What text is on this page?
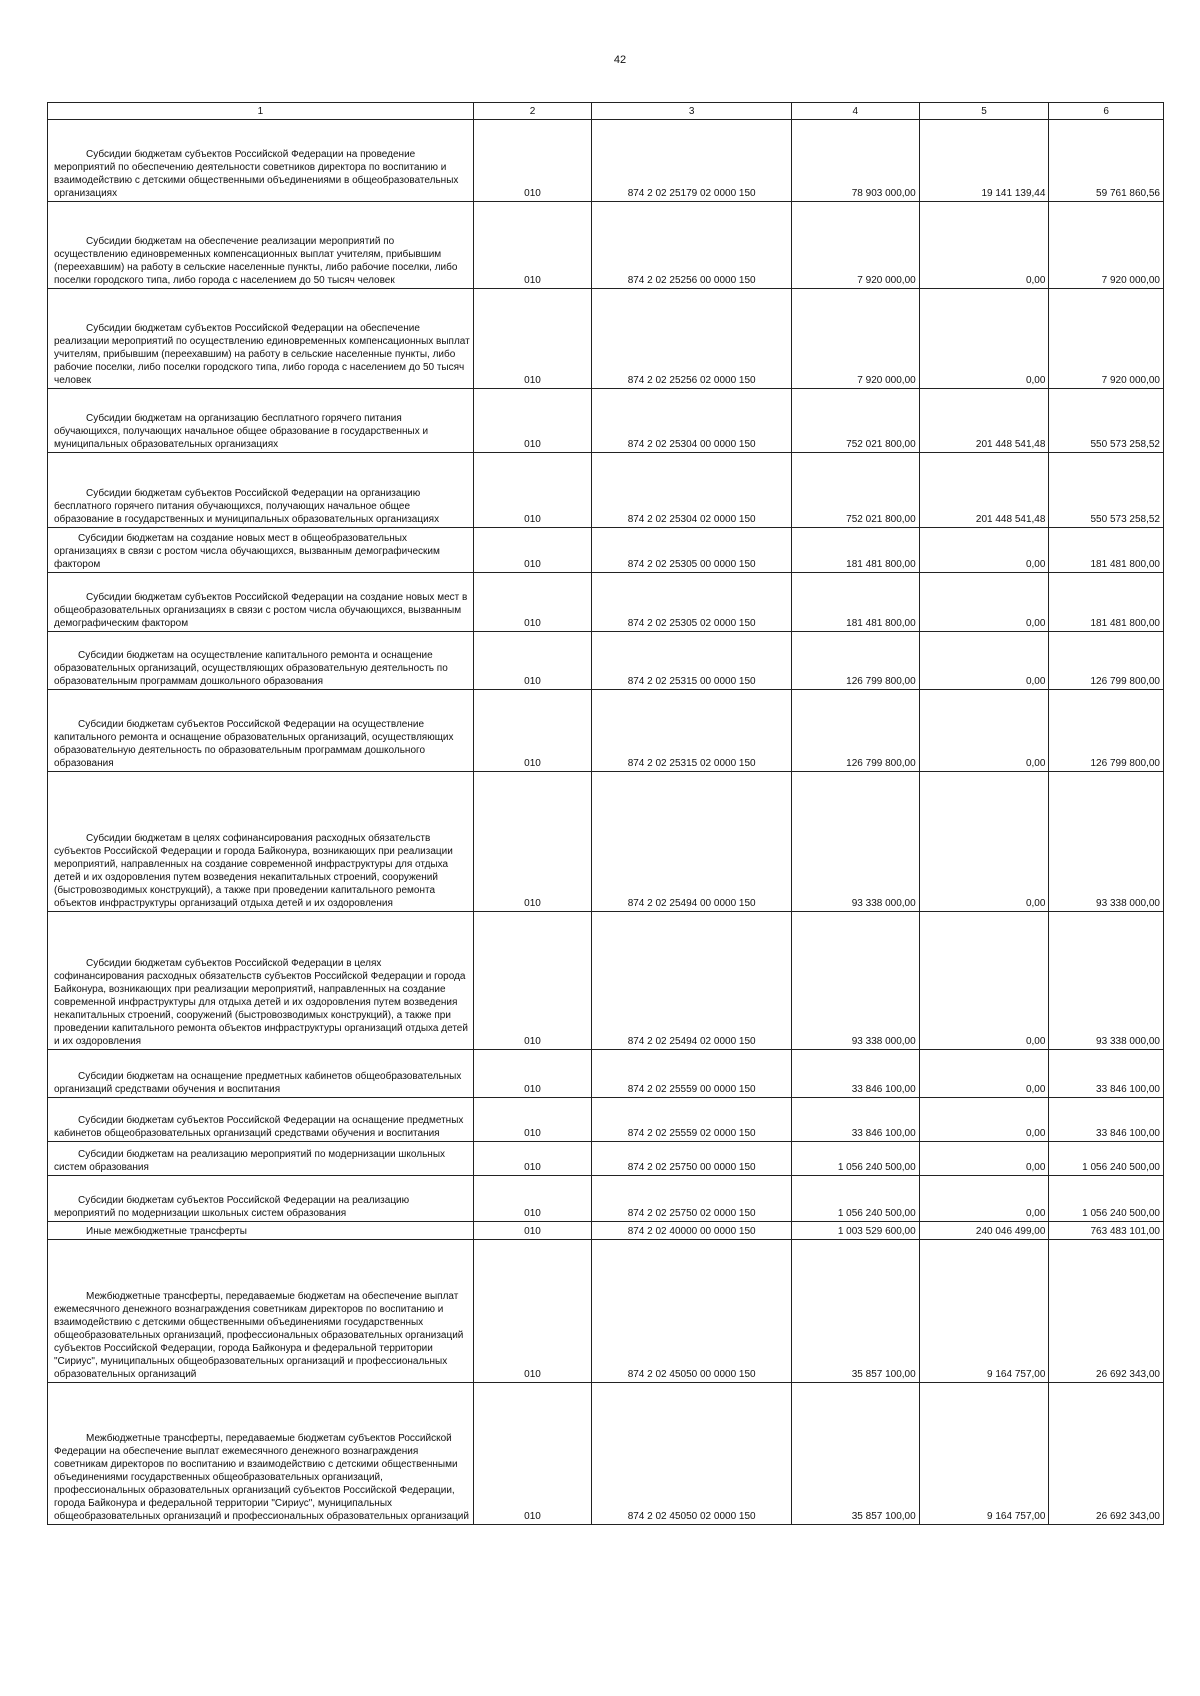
42
1	2	3	4	5	6
Субсидии бюджетам субъектов Российской Федерации на проведение мероприятий по обеспечению деятельности советников директора по воспитанию и взаимодействию с детскими общественными объединениями в общеобразовательных организациях	010	874 2 02 25179 02 0000 150	78 903 000,00	19 141 139,44	59 761 860,56
Субсидии бюджетам на обеспечение реализации мероприятий по осуществлению единовременных компенсационных выплат учителям, прибывшим (переехавшим) на работу в сельские населенные пункты, либо рабочие поселки, либо поселки городского типа, либо города с населением до 50 тысяч человек	010	874 2 02 25256 00 0000 150	7 920 000,00	0,00	7 920 000,00
Субсидии бюджетам субъектов Российской Федерации на обеспечение реализации мероприятий по осуществлению единовременных компенсационных выплат учителям, прибывшим (переехавшим) на работу в сельские населенные пункты, либо рабочие поселки, либо поселки городского типа, либо города с населением до 50 тысяч человек	010	874 2 02 25256 02 0000 150	7 920 000,00	0,00	7 920 000,00
Субсидии бюджетам на организацию бесплатного горячего питания обучающихся, получающих начальное общее образование в государственных и муниципальных образовательных организациях	010	874 2 02 25304 00 0000 150	752 021 800,00	201 448 541,48	550 573 258,52
Субсидии бюджетам субъектов Российской Федерации на организацию бесплатного горячего питания обучающихся, получающих начальное общее образование в государственных и муниципальных образовательных организациях	010	874 2 02 25304 02 0000 150	752 021 800,00	201 448 541,48	550 573 258,52
Субсидии бюджетам на создание новых мест в общеобразовательных организациях в связи с ростом числа обучающихся, вызванным демографическим фактором	010	874 2 02 25305 00 0000 150	181 481 800,00	0,00	181 481 800,00
Субсидии бюджетам субъектов Российской Федерации на создание новых мест в общеобразовательных организациях в связи с ростом числа обучающихся, вызванным демографическим фактором	010	874 2 02 25305 02 0000 150	181 481 800,00	0,00	181 481 800,00
Субсидии бюджетам на осуществление капитального ремонта и оснащение образовательных организаций, осуществляющих образовательную деятельность по образовательным программам дошкольного образования	010	874 2 02 25315 00 0000 150	126 799 800,00	0,00	126 799 800,00
Субсидии бюджетам субъектов Российской Федерации на осуществление капитального ремонта и оснащение образовательных организаций, осуществляющих образовательную деятельность по образовательным программам дошкольного образования	010	874 2 02 25315 02 0000 150	126 799 800,00	0,00	126 799 800,00
Субсидии бюджетам в целях софинансирования расходных обязательств субъектов Российской Федерации и города Байконура, возникающих при реализации мероприятий, направленных на создание современной инфраструктуры для отдыха детей и их оздоровления путем возведения некапитальных строений, сооружений (быстровозводимых конструкций), а также при проведении капитального ремонта объектов инфраструктуры организаций отдыха детей и их оздоровления	010	874 2 02 25494 00 0000 150	93 338 000,00	0,00	93 338 000,00
Субсидии бюджетам субъектов Российской Федерации в целях софинансирования расходных обязательств субъектов Российской Федерации и города Байконура, возникающих при реализации мероприятий, направленных на создание современной инфраструктуры для отдыха детей и их оздоровления путем возведения некапитальных строений, сооружений (быстровозводимых конструкций), а также при проведении капитального ремонта объектов инфраструктуры организаций отдыха детей и их оздоровления	010	874 2 02 25494 02 0000 150	93 338 000,00	0,00	93 338 000,00
Субсидии бюджетам на оснащение предметных кабинетов общеобразовательных организаций средствами обучения и воспитания	010	874 2 02 25559 00 0000 150	33 846 100,00	0,00	33 846 100,00
Субсидии бюджетам субъектов Российской Федерации на оснащение предметных кабинетов общеобразовательных организаций средствами обучения и воспитания	010	874 2 02 25559 02 0000 150	33 846 100,00	0,00	33 846 100,00
Субсидии бюджетам на реализацию мероприятий по модернизации школьных систем образования	010	874 2 02 25750 00 0000 150	1 056 240 500,00	0,00	1 056 240 500,00
Субсидии бюджетам субъектов Российской Федерации на реализацию мероприятий по модернизации школьных систем образования	010	874 2 02 25750 02 0000 150	1 056 240 500,00	0,00	1 056 240 500,00
Иные межбюджетные трансферты	010	874 2 02 40000 00 0000 150	1 003 529 600,00	240 046 499,00	763 483 101,00
Межбюджетные трансферты, передаваемые бюджетам на обеспечение выплат ежемесячного денежного вознаграждения советникам директоров по воспитанию и взаимодействию с детскими общественными объединениями государственных общеобразовательных организаций, профессиональных образовательных организаций субъектов Российской Федерации, города Байконура и федеральной территории "Сириус", муниципальных общеобразовательных организаций и профессиональных образовательных организаций	010	874 2 02 45050 00 0000 150	35 857 100,00	9 164 757,00	26 692 343,00
Межбюджетные трансферты, передаваемые бюджетам субъектов Российской Федерации на обеспечение выплат ежемесячного денежного вознаграждения советникам директоров по воспитанию и взаимодействию с детскими общественными объединениями государственных общеобразовательных организаций, профессиональных образовательных организаций субъектов Российской Федерации, города Байконура и федеральной территории "Сириус", муниципальных общеобразовательных организаций и профессиональных образовательных организаций	010	874 2 02 45050 02 0000 150	35 857 100,00	9 164 757,00	26 692 343,00
